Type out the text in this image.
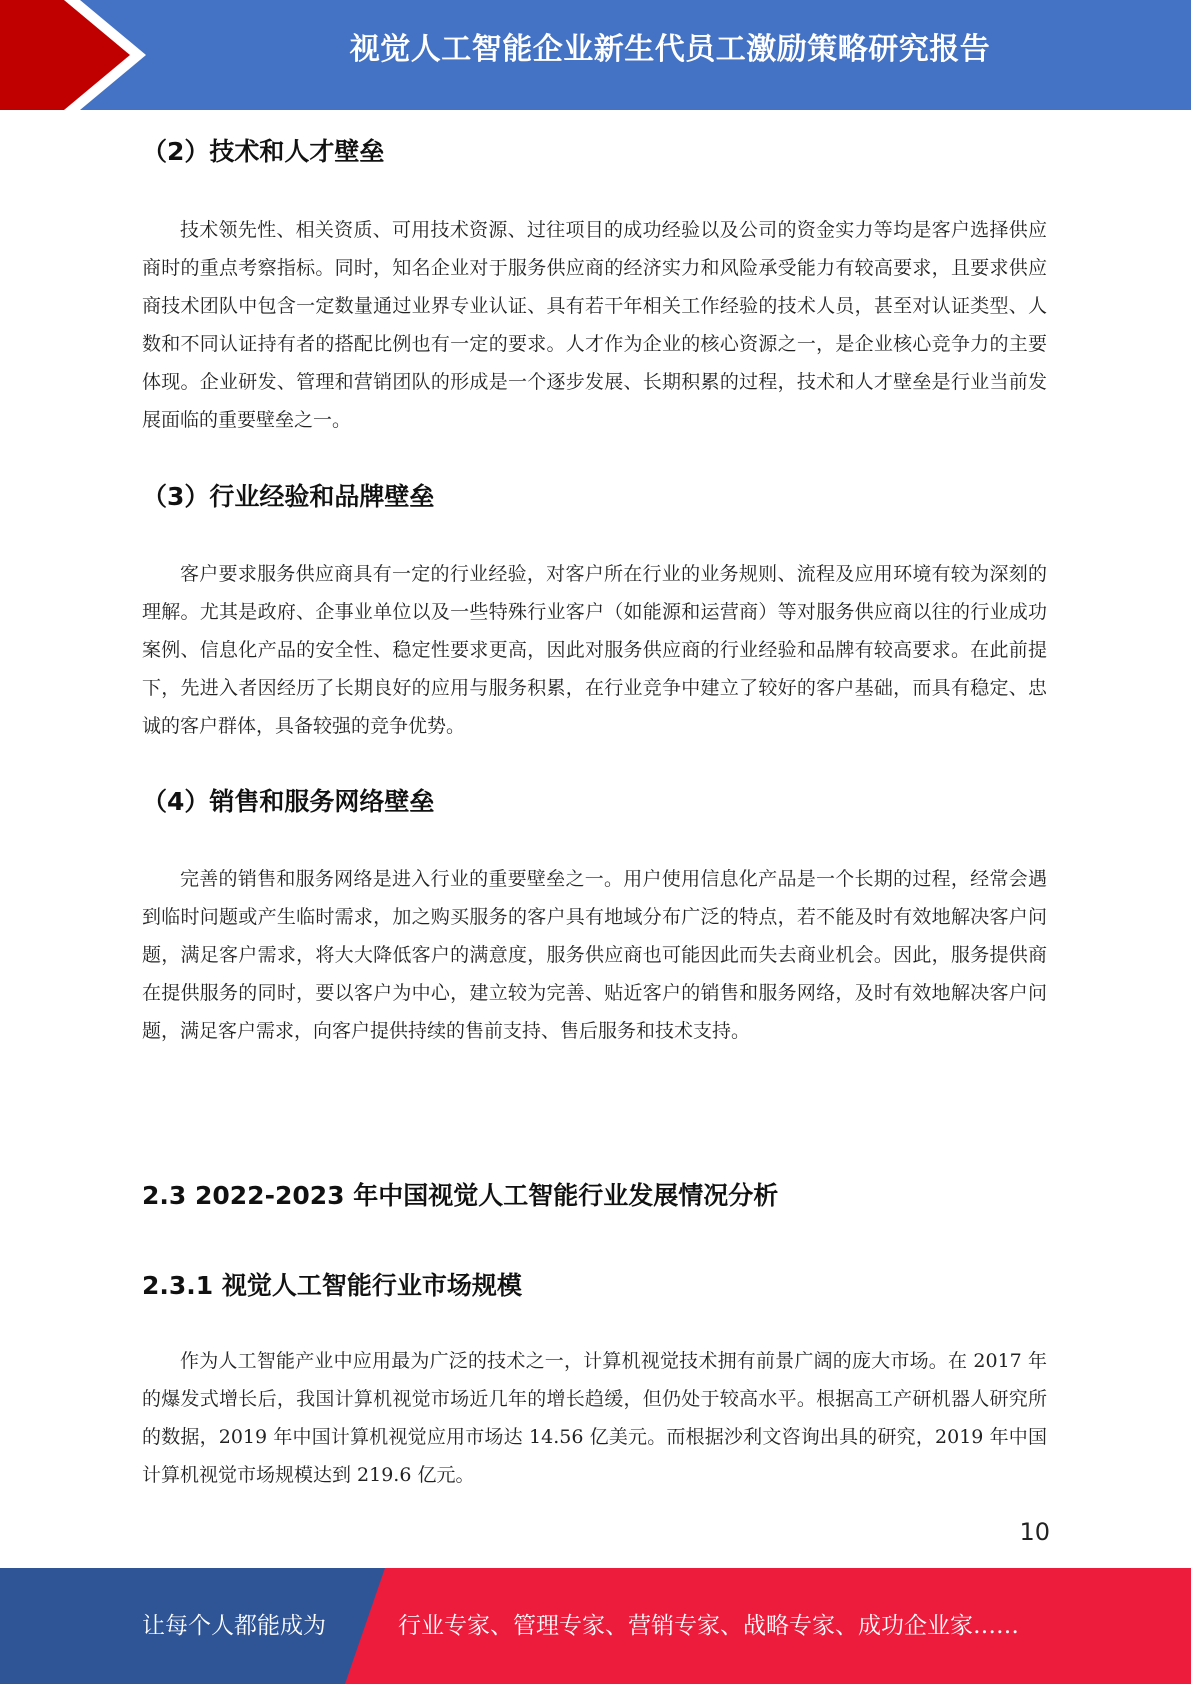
视觉人工智能企业新生代员工激励策略研究报告
（2）技术和人才壁垒

技术领先性、相关资质、可用技术资源、过往项目的成功经验以及公司的资金实力等均是客户选择供应商时的重点考察指标。同时，知名企业对于服务供应商的经济实力和风险承受能力有较高要求，且要求供应商技术团队中包含一定数量通过业界专业认证、具有若干年相关工作经验的技术人员，甚至对认证类型、人数和不同认证持有者的搭配比例也有一定的要求。人才作为企业的核心资源之一，是企业核心竞争力的主要体现。企业研发、管理和营销团队的形成是一个逐步发展、长期积累的过程，技术和人才壁垒是行业当前发展面临的重要壁垒之一。

（3）行业经验和品牌壁垒

客户要求服务供应商具有一定的行业经验，对客户所在行业的业务规则、流程及应用环境有较为深刻的理解。尤其是政府、企事业单位以及一些特殊行业客户（如能源和运营商）等对服务供应商以往的行业成功案例、信息化产品的安全性、稳定性要求更高，因此对服务供应商的行业经验和品牌有较高要求。在此前提下，先进入者因经历了长期良好的应用与服务积累，在行业竞争中建立了较好的客户基础，而具有稳定、忠诚的客户群体，具备较强的竞争优势。

（4）销售和服务网络壁垒

完善的销售和服务网络是进入行业的重要壁垒之一。用户使用信息化产品是一个长期的过程，经常会遇到临时问题或产生临时需求，加之购买服务的客户具有地域分布广泛的特点，若不能及时有效地解决客户问题，满足客户需求，将大大降低客户的满意度，服务供应商也可能因此而失去商业机会。因此，服务提供商在提供服务的同时，要以客户为中心，建立较为完善、贴近客户的销售和服务网络，及时有效地解决客户问题，满足客户需求，向客户提供持续的售前支持、售后服务和技术支持。

2.3 2022-2023 年中国视觉人工智能行业发展情况分析
2.3.1 视觉人工智能行业市场规模

作为人工智能产业中应用最为广泛的技术之一，计算机视觉技术拥有前景广阔的庞大市场。在 2017 年的爆发式增长后，我国计算机视觉市场近几年的增长趋缓，但仍处于较高水平。根据高工产研机器人研究所的数据，2019 年中国计算机视觉应用市场达 14.56 亿美元。而根据沙利文咨询出具的研究，2019 年中国计算机视觉市场规模达到 219.6 亿元。

10
让每个人都能成为	行业专家、管理专家、营销专家、战略专家、成功企业家……
